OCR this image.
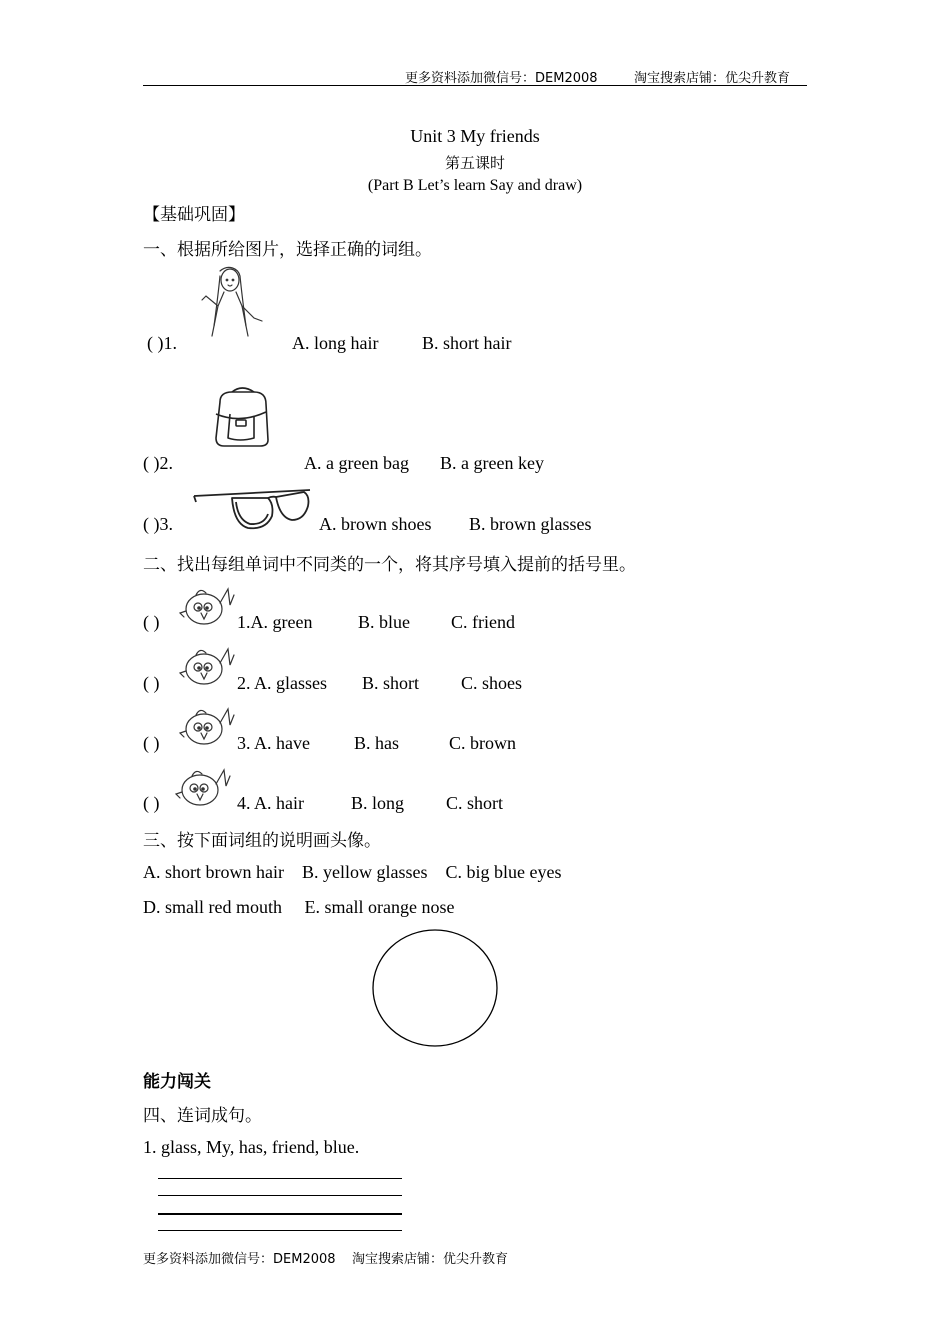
更多资料添加微信号：DEM2008	淘宝搜索店铺：优尖升教育
Unit 3 My friends
第五课时
(Part B Let’s learn Say and draw)
【基础巩固】
一、根据所给图片，选择正确的词组。
( )1.	A. long hair B. short hair
( )2.	A. a green bag B. a green key
( )3.	A. brown shoes B. brown glasses
二、找出每组单词中不同类的一个，将其序号填入提前的括号里。
( )	1.A. green	B. blue C. friend
( )	2. A. glasses B. short C. shoes
( )	3. A. have B. has	C. brown
( )	4. A. hair	B. long C. short
三、按下面词组的说明画头像。
A. short brown hair    B. yellow glasses    C. big blue eyes
D. small red mouth     E. small orange nose
能力闯关
四、连词成句。
1. glass, My, has, friend, blue.
更多资料添加微信号：DEM2008    淘宝搜索店铺：优尖升教育
